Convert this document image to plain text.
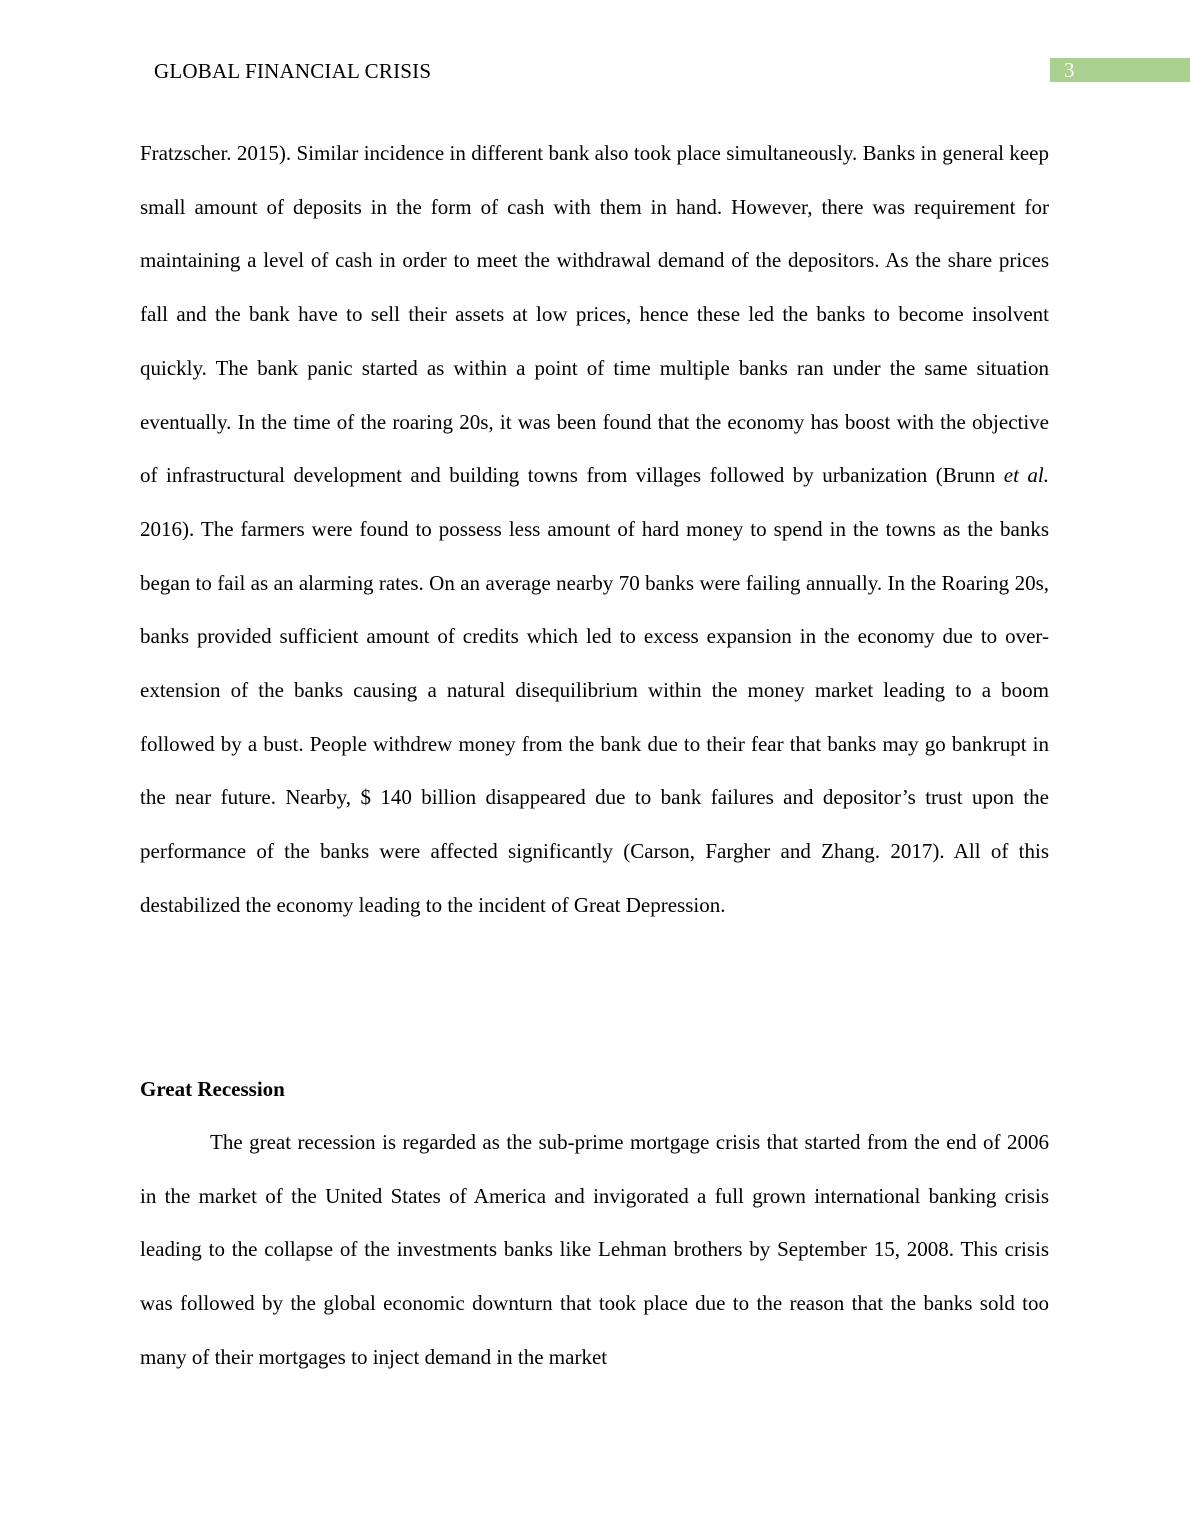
GLOBAL FINANCIAL CRISIS	3

Fratzscher. 2015). Similar incidence in different bank also took place simultaneously. Banks in general keep small amount of deposits in the form of cash with them in hand. However, there was requirement for maintaining a level of cash in order to meet the withdrawal demand of the depositors. As the share prices fall and the bank have to sell their assets at low prices, hence these led the banks to become insolvent quickly. The bank panic started as within a point of time multiple banks ran under the same situation eventually. In the time of the roaring 20s, it was been found that the economy has boost with the objective of infrastructural development and building towns from villages followed by urbanization (Brunn et al. 2016). The farmers were found to possess less amount of hard money to spend in the towns as the banks began to fail as an alarming rates. On an average nearby 70 banks were failing annually. In the Roaring 20s, banks provided sufficient amount of credits which led to excess expansion in the economy due to over-extension of the banks causing a natural disequilibrium within the money market leading to a boom followed by a bust. People withdrew money from the bank due to their fear that banks may go bankrupt in the near future. Nearby, $ 140 billion disappeared due to bank failures and depositor’s trust upon the performance of the banks were affected significantly (Carson, Fargher and Zhang. 2017). All of this destabilized the economy leading to the incident of Great Depression.

Great Recession

The great recession is regarded as the sub-prime mortgage crisis that started from the end of 2006 in the market of the United States of America and invigorated a full grown international banking crisis leading to the collapse of the investments banks like Lehman brothers by September 15, 2008. This crisis was followed by the global economic downturn that took place due to the reason that the banks sold too many of their mortgages to inject demand in the market
